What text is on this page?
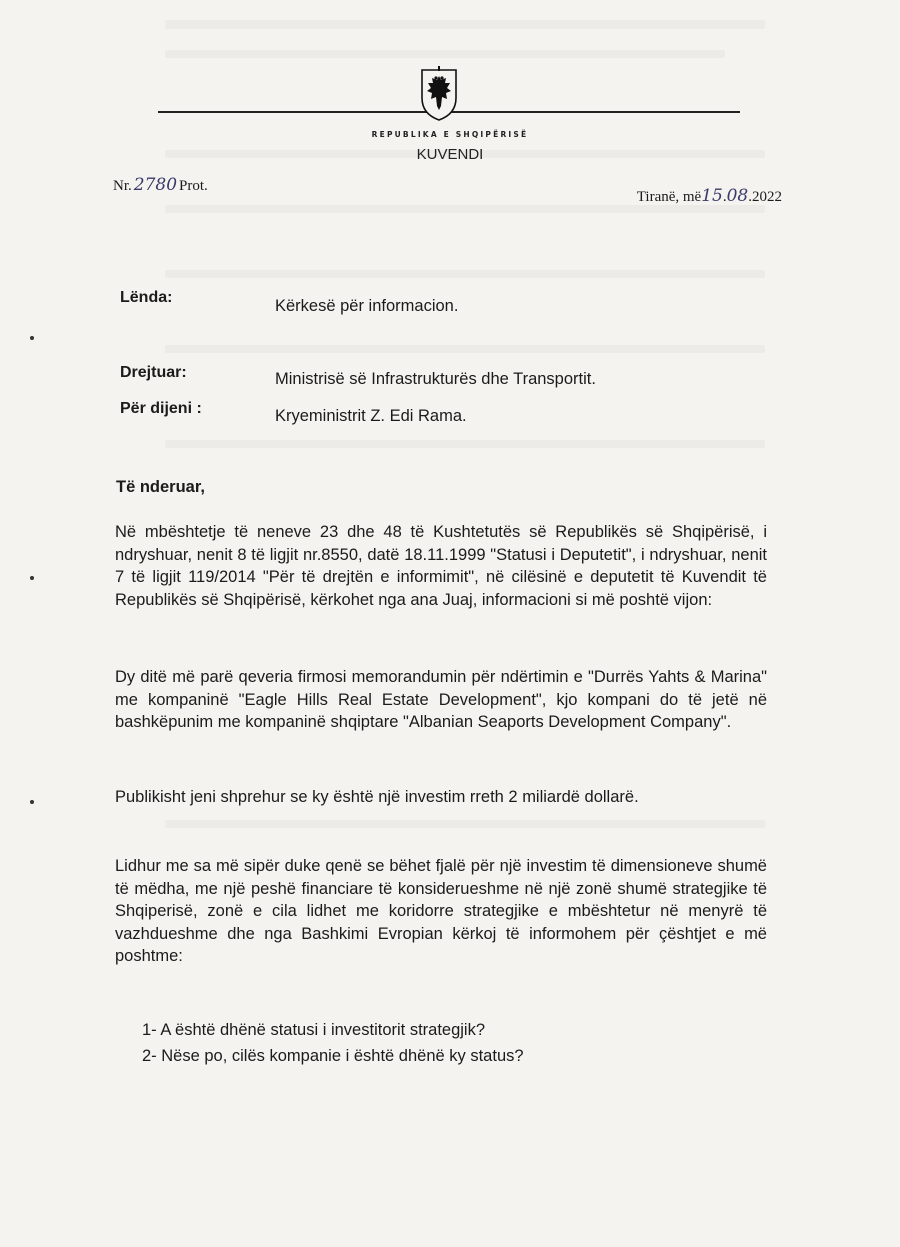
REPUBLIKA E SHQIPËRISË
KUVENDI
Nr. 2780 Prot.
Tiranë, më15.08.2022
Lënda:	Kërkesë për informacion.
Drejtuar:	Ministrisë së Infrastrukturës dhe Transportit.
Për dijeni :	Kryeministrit Z. Edi Rama.
Të nderuar,

Në mbështetje të neneve 23 dhe 48 të Kushtetutës së Republikës së Shqipërisë, i ndryshuar, nenit 8 të ligjit nr.8550, datë 18.11.1999 "Statusi i Deputetit", i ndryshuar, nenit 7 të ligjit 119/2014 "Për të drejtën e informimit", në cilësinë e deputetit të Kuvendit të Republikës së Shqipërisë, kërkohet nga ana Juaj, informacioni si më poshtë vijon:

Dy ditë më parë qeveria firmosi memorandumin për ndërtimin e "Durrës Yahts & Marina" me kompaninë "Eagle Hills Real Estate Development", kjo kompani do të jetë në bashkëpunim me kompaninë shqiptare "Albanian Seaports Development Company".

Publikisht jeni shprehur se ky është një investim rreth 2 miliardë dollarë.

Lidhur me sa më sipër duke qenë se bëhet fjalë për një investim të dimensioneve shumë të mëdha, me një peshë financiare të konsiderueshme në një zonë shumë strategjike të Shqiperisë, zonë e cila lidhet me koridorre strategjike e mbështetur në menyrë të vazhdueshme dhe nga Bashkimi Evropian kërkoj të informohem për çështjet e më poshtme:

1- A është dhënë statusi i investitorit strategjik?
2- Nëse po, cilës kompanie i është dhënë ky status?
